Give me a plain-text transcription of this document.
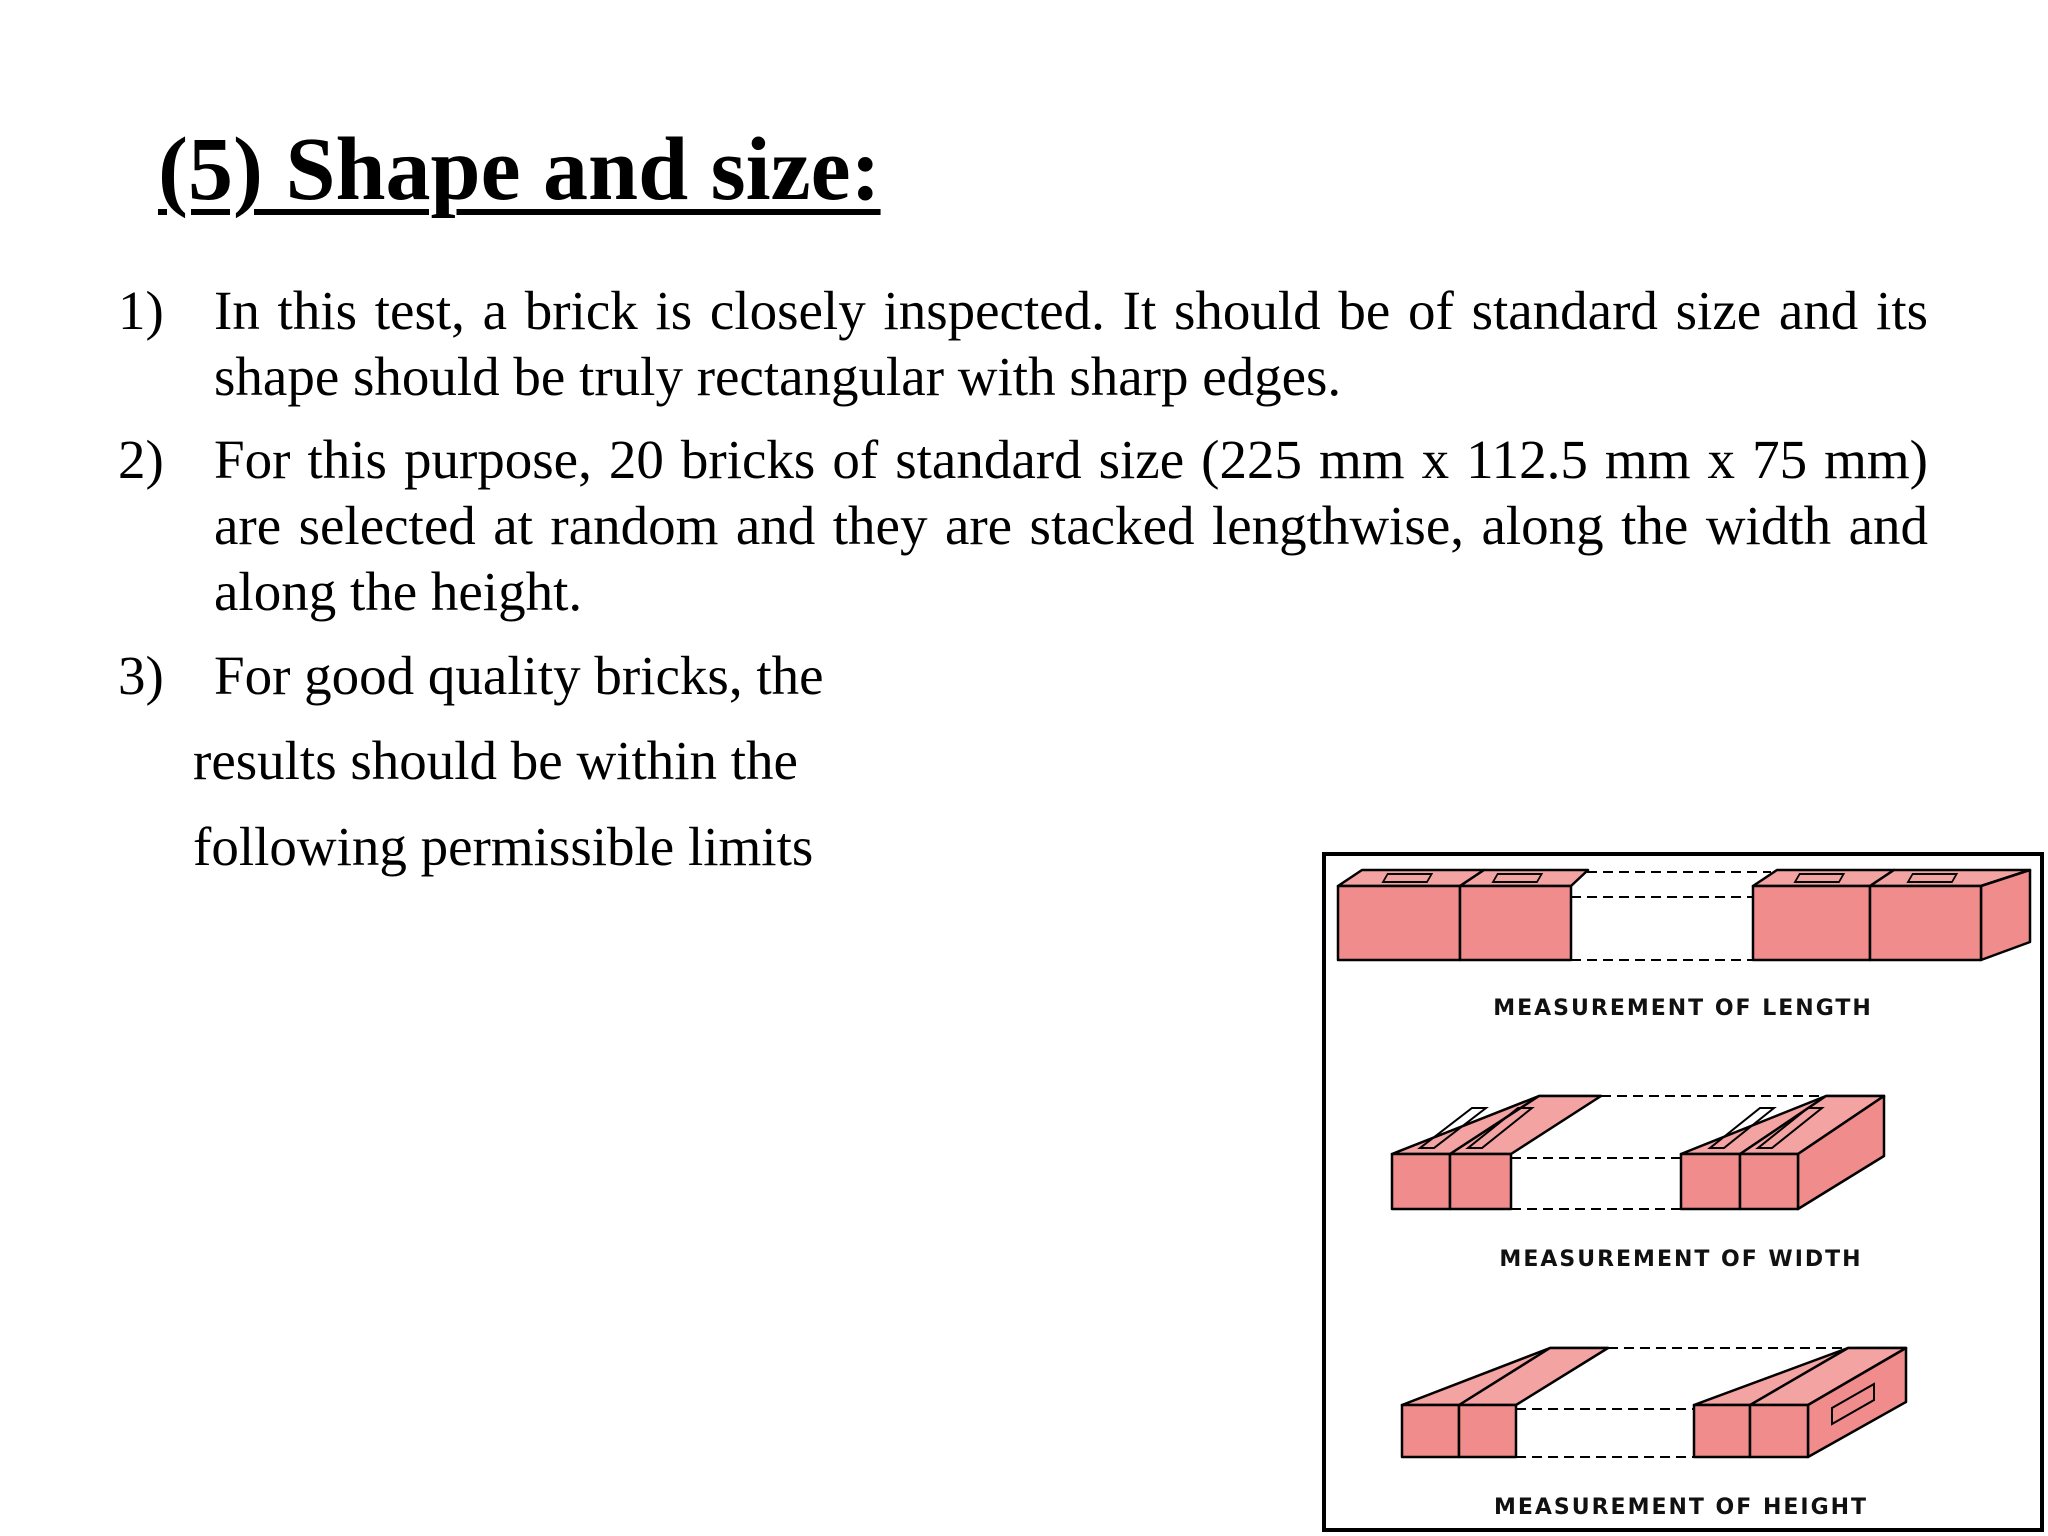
(5) Shape and size:
1) In this test, a brick is closely inspected. It should be of standard size and its shape should be truly rectangular with sharp edges.
2) For this purpose, 20 bricks of standard size (225 mm x 112.5 mm x 75 mm) are selected at random and they are stacked lengthwise, along the width and along the height.
3) For good quality bricks, the
results should be within the
following permissible limits
MEASUREMENT OF LENGTH
MEASUREMENT OF WIDTH
MEASUREMENT OF HEIGHT
